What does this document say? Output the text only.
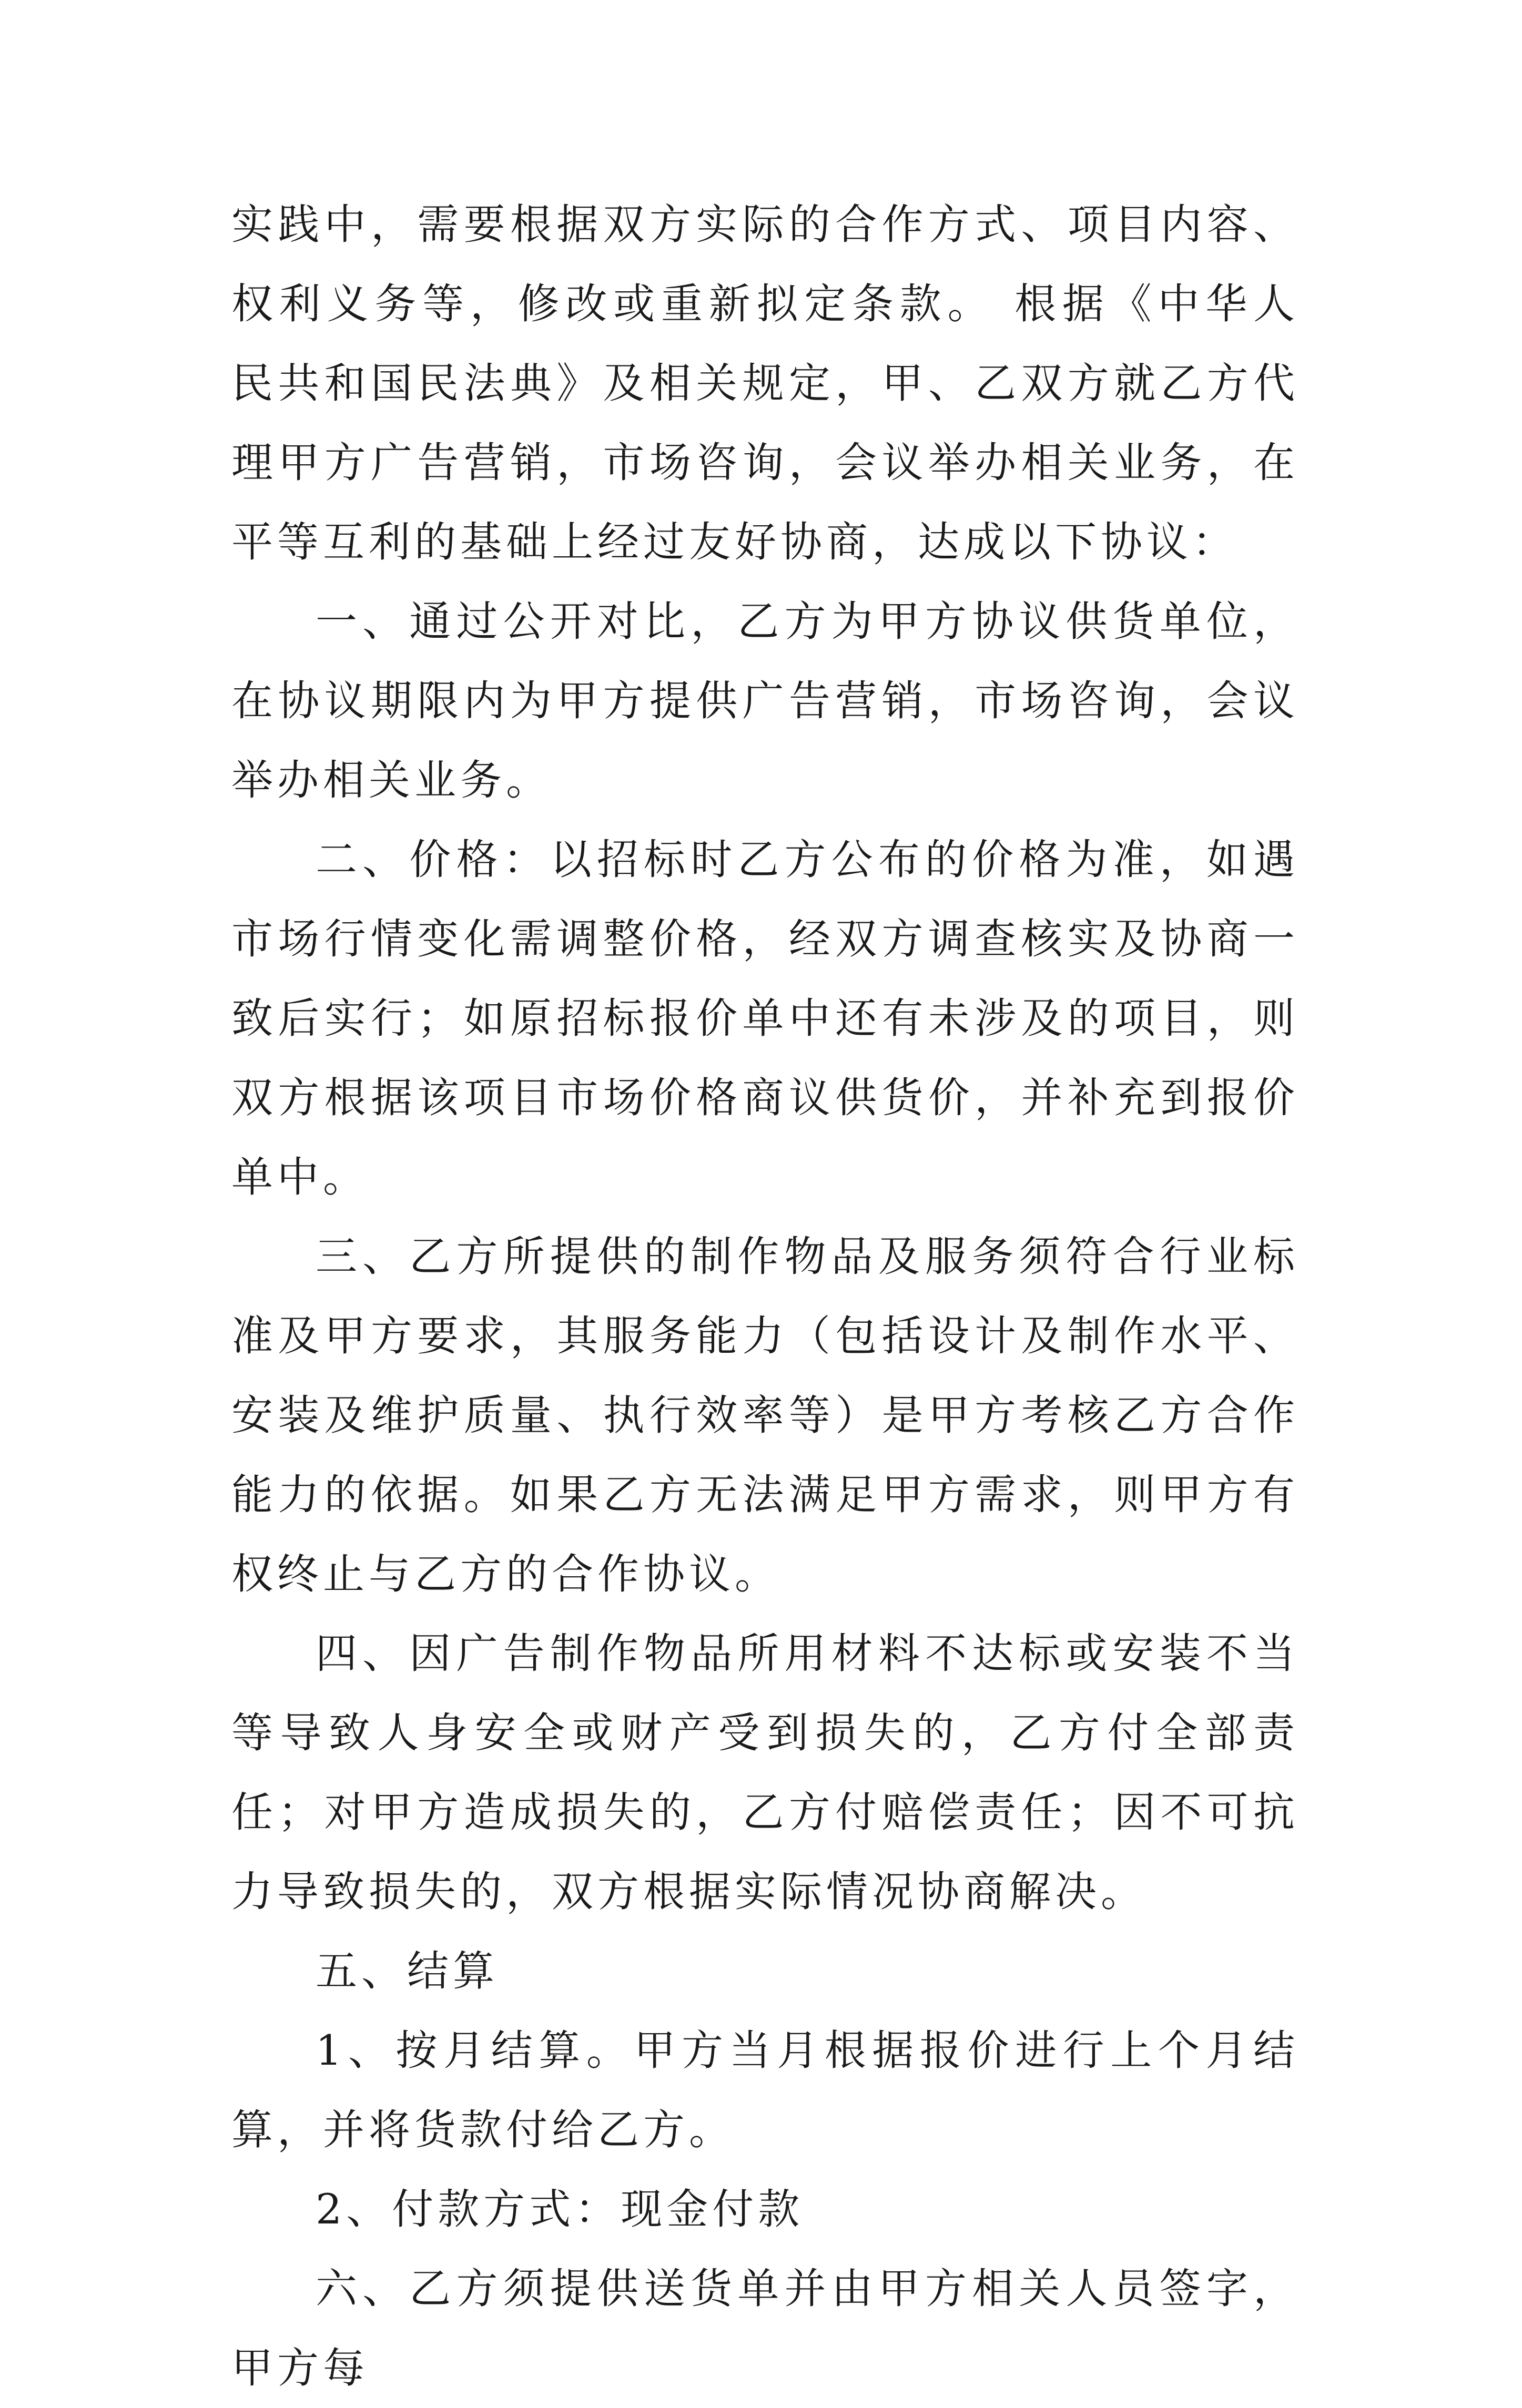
实践中，需要根据双方实际的合作方式、项目内容、权利义务等，修改或重新拟定条款。 根据《中华人民共和国民法典》及相关规定，甲、乙双方就乙方代理甲方广告营销，市场咨询，会议举办相关业务，在平等互利的基础上经过友好协商，达成以下协议：

一、通过公开对比，乙方为甲方协议供货单位，在协议期限内为甲方提供广告营销，市场咨询，会议举办相关业务。

二、价格：以招标时乙方公布的价格为准，如遇市场行情变化需调整价格，经双方调查核实及协商一致后实行；如原招标报价单中还有未涉及的项目，则双方根据该项目市场价格商议供货价，并补充到报价单中。

三、乙方所提供的制作物品及服务须符合行业标准及甲方要求，其服务能力（包括设计及制作水平、安装及维护质量、执行效率等）是甲方考核乙方合作能力的依据。如果乙方无法满足甲方需求，则甲方有权终止与乙方的合作协议。

四、因广告制作物品所用材料不达标或安装不当等导致人身安全或财产受到损失的，乙方付全部责任；对甲方造成损失的，乙方付赔偿责任；因不可抗力导致损失的，双方根据实际情况协商解决。

五、结算

1、按月结算。甲方当月根据报价进行上个月结算，并将货款付给乙方。

2、付款方式：现金付款

六、乙方须提供送货单并由甲方相关人员签字，甲方每
